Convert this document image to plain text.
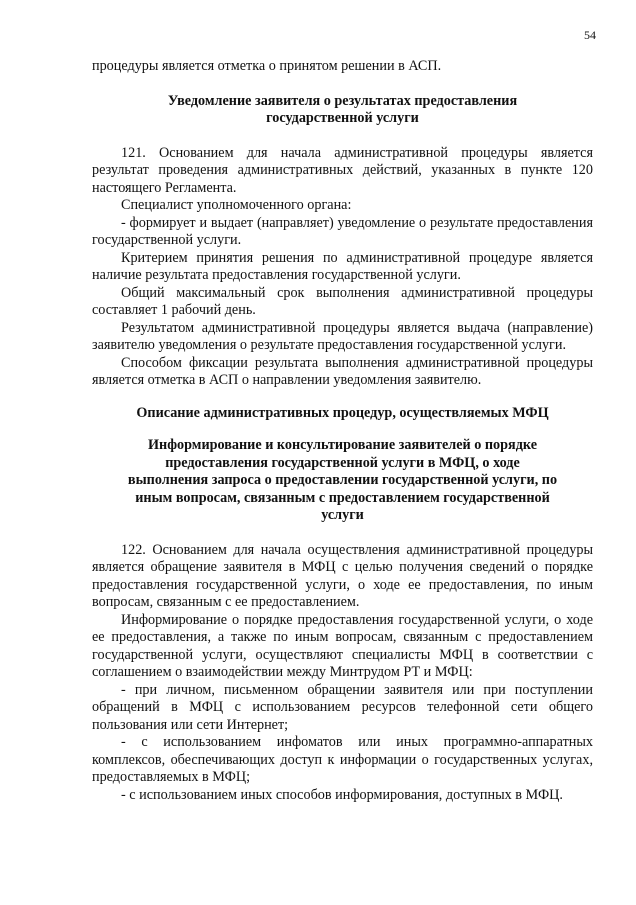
54

процедуры является отметка о принятом решении в АСП.

Уведомление заявителя о результатах предоставления государственной услуги

121. Основанием для начала административной процедуры является результат проведения административных действий, указанных в пункте 120 настоящего Регламента.

Специалист уполномоченного органа:

- формирует и выдает (направляет) уведомление о результате предоставления государственной услуги.

Критерием принятия решения по административной процедуре является наличие результата предоставления государственной услуги.

Общий максимальный срок выполнения административной процедуры составляет 1 рабочий день.

Результатом административной процедуры является выдача (направление) заявителю уведомления о результате предоставления государственной услуги.

Способом фиксации результата выполнения административной процедуры является отметка в АСП о направлении уведомления заявителю.

Описание административных процедур, осуществляемых МФЦ
Информирование и консультирование заявителей о порядке предоставления государственной услуги в МФЦ, о ходе выполнения запроса о предоставлении государственной услуги, по иным вопросам, связанным с предоставлением государственной услуги

122. Основанием для начала осуществления административной процедуры является обращение заявителя в МФЦ с целью получения сведений о порядке предоставления государственной услуги, о ходе ее предоставления, по иным вопросам, связанным с ее предоставлением.

Информирование о порядке предоставления государственной услуги, о ходе ее предоставления, а также по иным вопросам, связанным с предоставлением государственной услуги, осуществляют специалисты МФЦ в соответствии с соглашением о взаимодействии между Минтрудом РТ и МФЦ:

- при личном, письменном обращении заявителя или при поступлении обращений в МФЦ с использованием ресурсов телефонной сети общего пользования или сети Интернет;

- с использованием инфоматов или иных программно-аппаратных комплексов, обеспечивающих доступ к информации о государственных услугах, предоставляемых в МФЦ;

- с использованием иных способов информирования, доступных в МФЦ.
